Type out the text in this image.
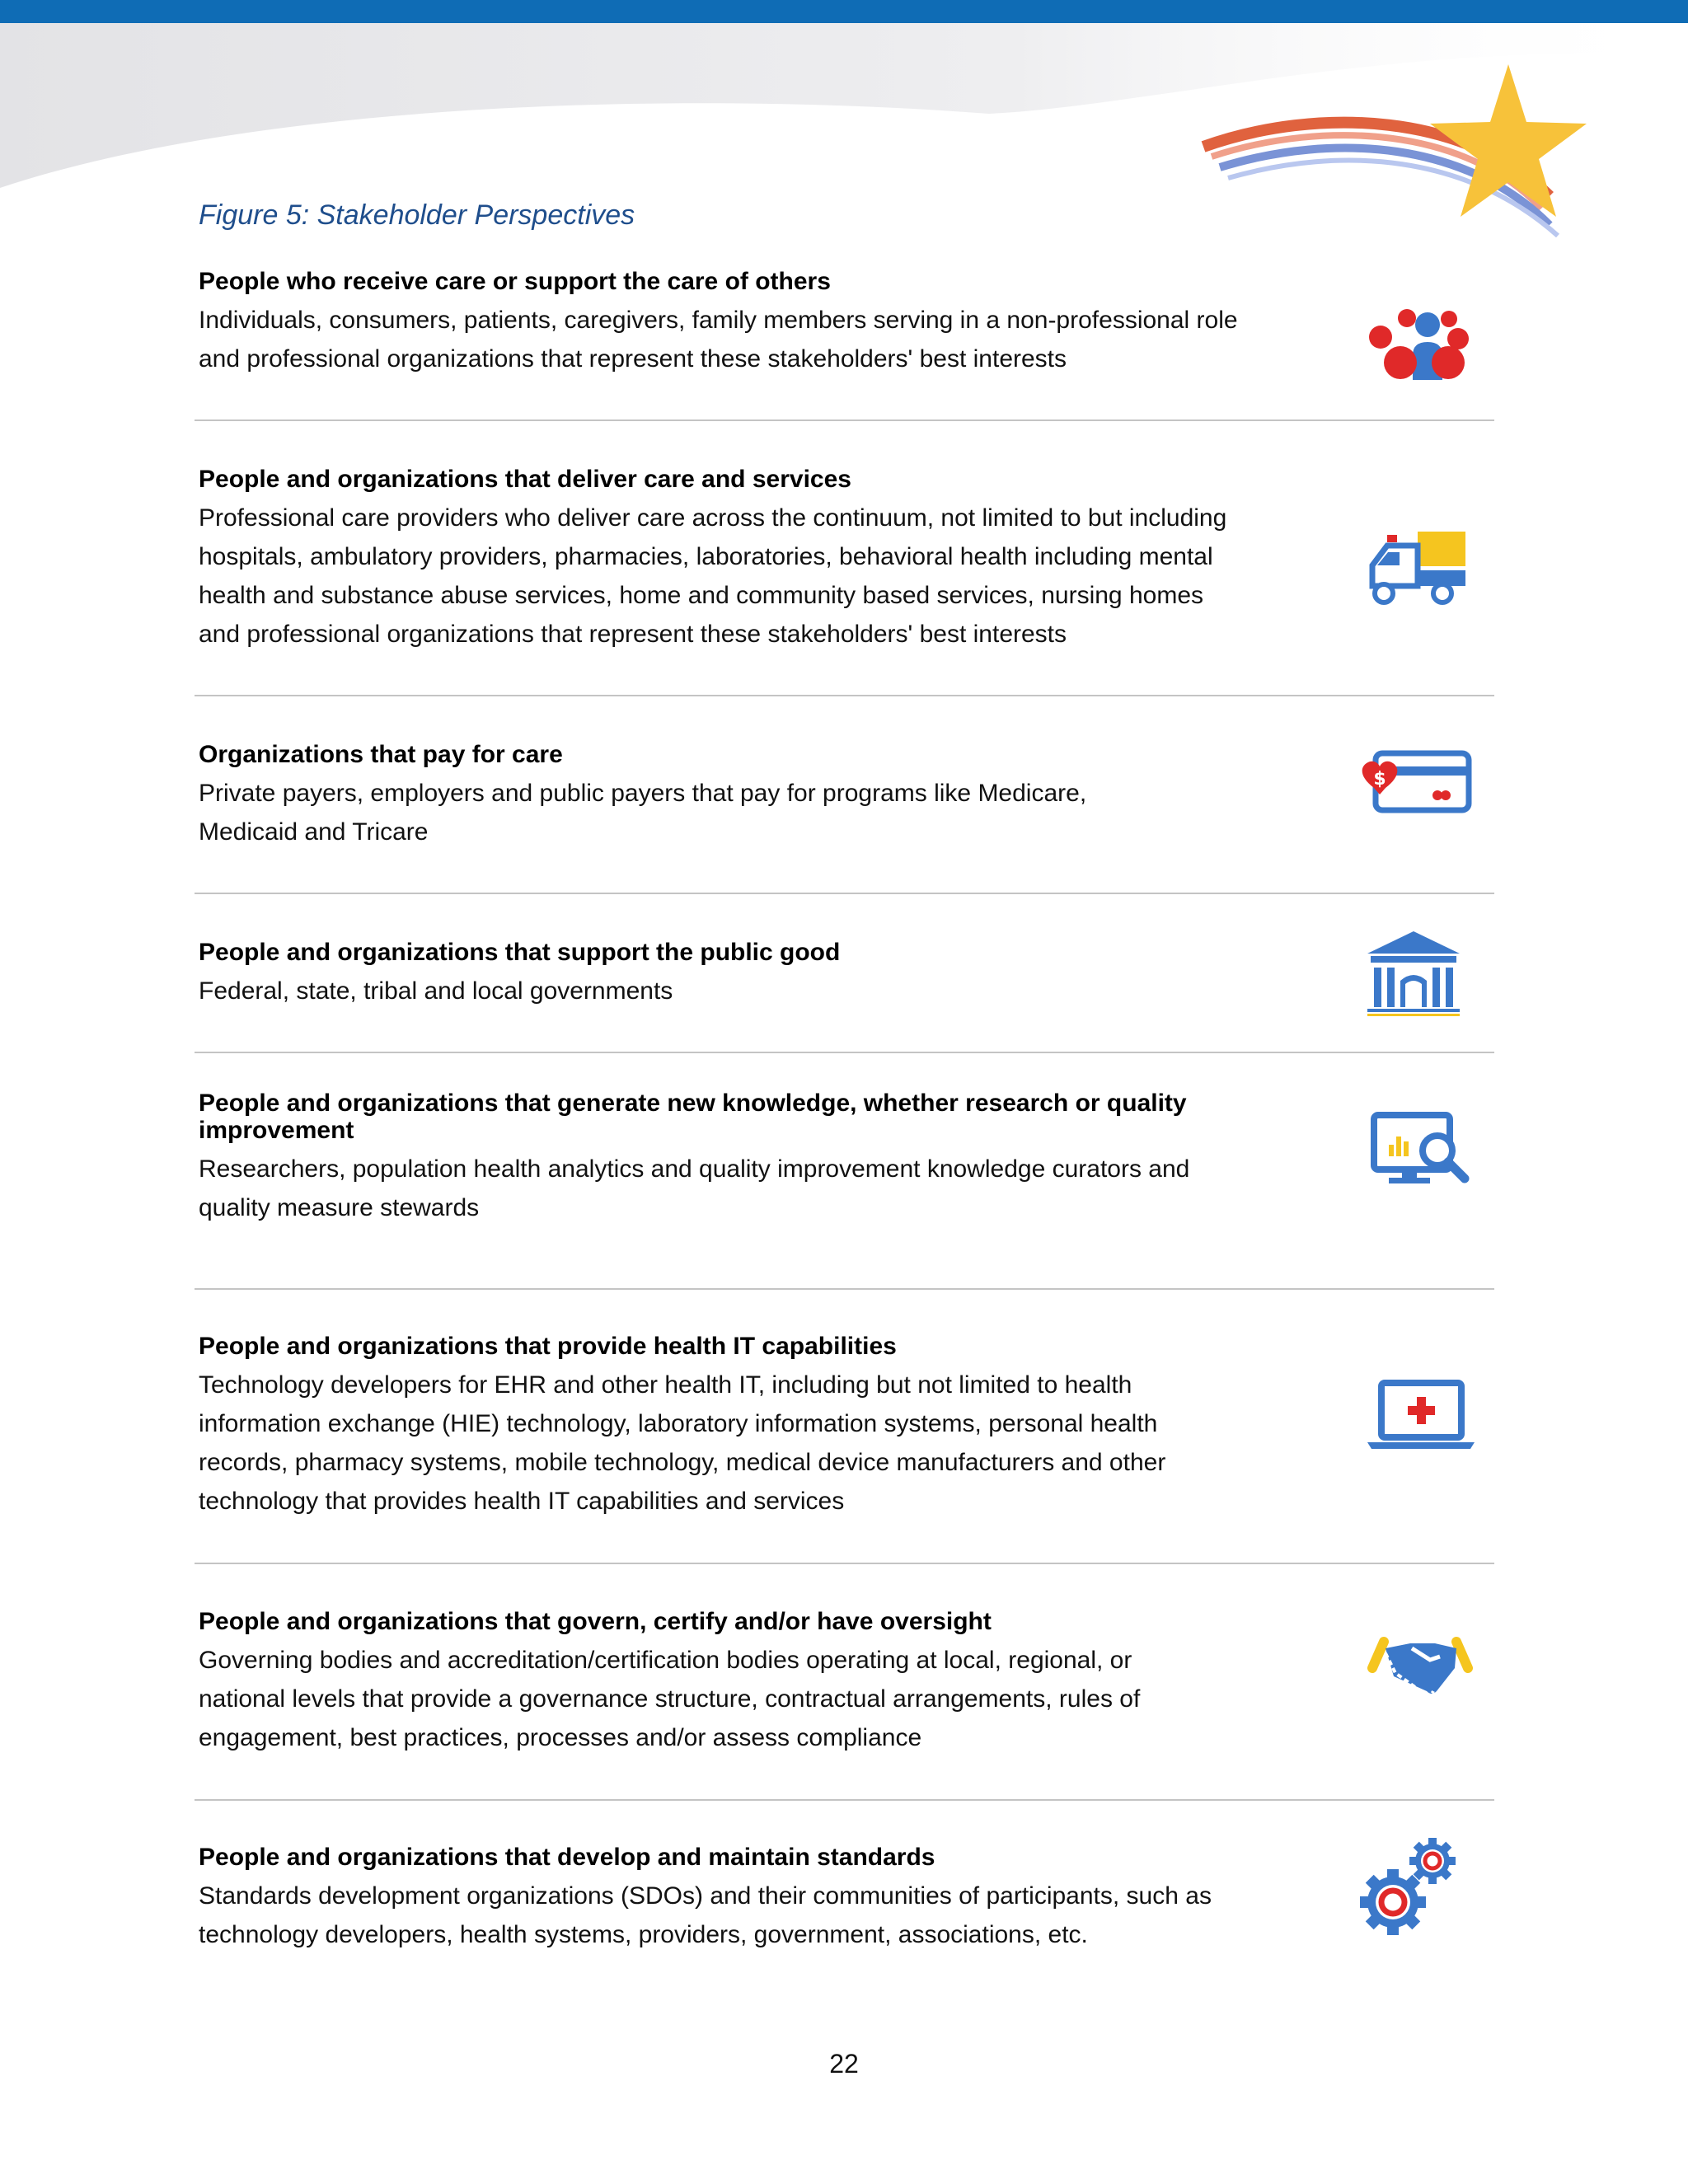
Figure 5: Stakeholder Perspectives

People who receive care or support the care of others

Individuals, consumers, patients, caregivers, family members serving in a non-professional role

and professional organizations that represent these stakeholders' best interests

People and organizations that deliver care and services

Professional care providers who deliver care across the continuum, not limited to but including

hospitals, ambulatory providers, pharmacies, laboratories, behavioral health including mental

health and substance abuse services, home and community based services, nursing homes

and professional organizations that represent these stakeholders' best interests

Organizations that pay for care

Private payers, employers and public payers that pay for programs like Medicare,

Medicaid and Tricare

$

People and organizations that support the public good

Federal, state, tribal and local governments

People and organizations that generate new knowledge, whether research or quality

improvement

Researchers, population health analytics and quality improvement knowledge curators and

quality measure stewards

People and organizations that provide health IT capabilities

Technology developers for EHR and other health IT, including but not limited to health

information exchange (HIE) technology, laboratory information systems, personal health

records, pharmacy systems, mobile technology, medical device manufacturers and other

technology that provides health IT capabilities and services

People and organizations that govern, certify and/or have oversight

Governing bodies and accreditation/certification bodies operating at local, regional, or

national levels that provide a governance structure, contractual arrangements, rules of

engagement, best practices, processes and/or assess compliance

People and organizations that develop and maintain standards

Standards development organizations (SDOs) and their communities of participants, such as

technology developers, health systems, providers, government, associations, etc.

22
